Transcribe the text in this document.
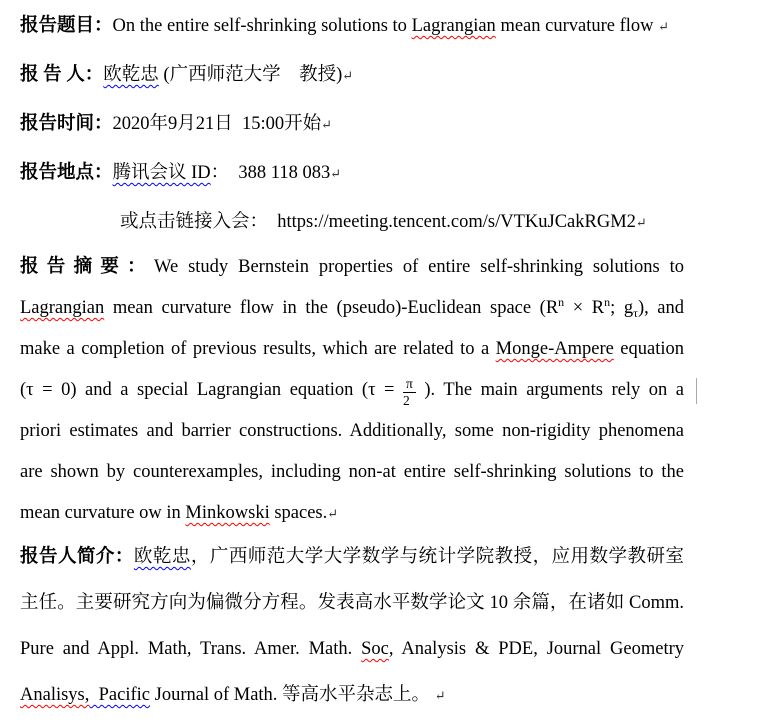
报告题目：On the entire self-shrinking solutions to Lagrangian mean curvature flow ↵
报 告 人：欧乾忠 (广西师范大学　教授)↵
报告时间：2020年9月21日  15:00开始↵
报告地点：腾讯会议 ID：  388 118 083↵
或点击链接入会：  https://meeting.tencent.com/s/VTKuJCakRGM2↵
报告摘要：We study Bernstein properties of entire self-shrinking solutions to
Lagrangian mean curvature flow in the (pseudo)-Euclidean space ($R^n \times R^n$; $g_\tau$), and
make a completion of previous results, which are related to a Monge-Ampere equation
(τ = 0) and a special Lagrangian equation ($\tau = \frac{\pi}{2}$ ). The main arguments rely on a
priori estimates and barrier constructions. Additionally, some non-rigidity phenomena
are shown by counterexamples, including non-at entire self-shrinking solutions to the
mean curvature ow in Minkowski spaces.↵
报告人简介：欧乾忠，广西师范大学大学数学与统计学院教授，应用数学教研室
主任。主要研究方向为偏微分方程。发表高水平数学论文 10 余篇，在诸如 Comm.
Pure and Appl. Math, Trans. Amer. Math. Soc, Analysis & PDE, Journal Geometry
Analisys,  Pacific Journal of Math. 等高水平杂志上。 ↵
